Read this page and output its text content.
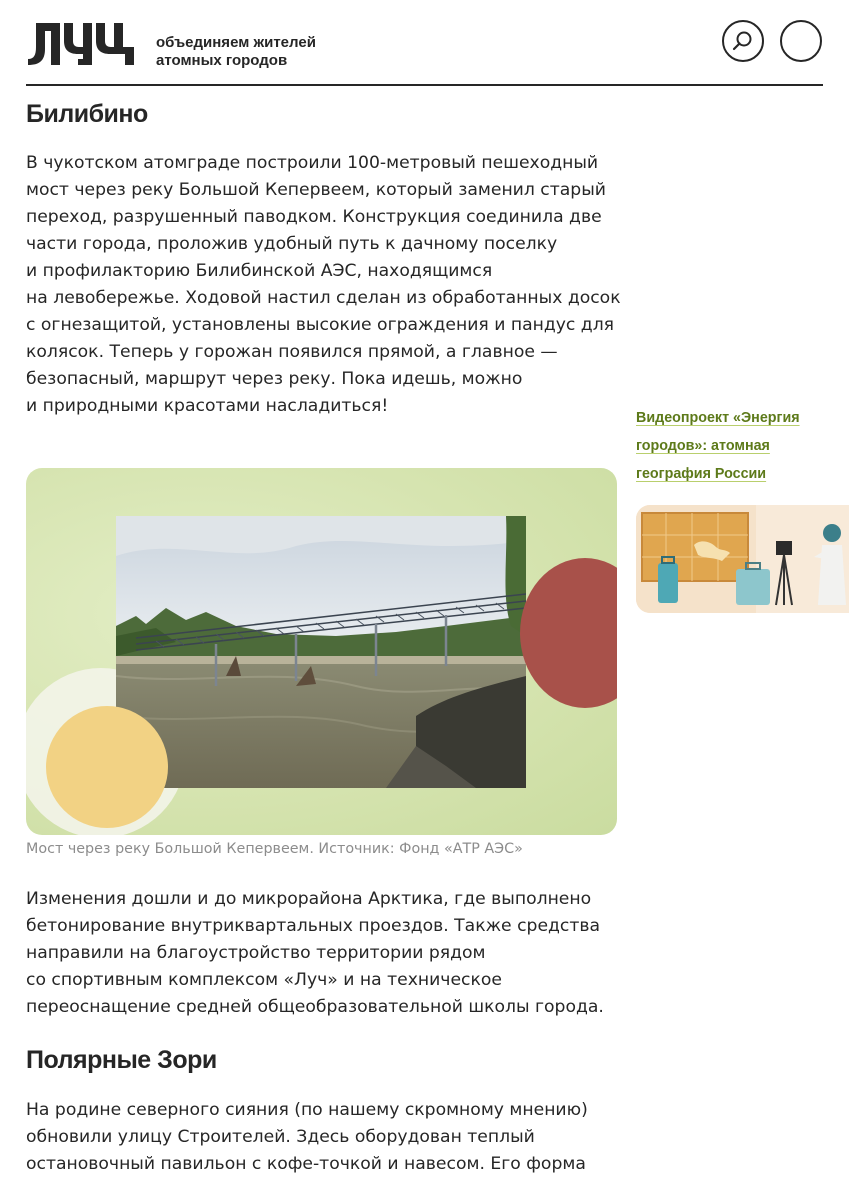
объединяем жителей
атомных городов
Билибино
В чукотском атомграде построили 100-метровый пешеходный
мост через реку Большой Кепервеем, который заменил старый
переход, разрушенный паводком. Конструкция соединила две
части города, проложив удобный путь к дачному поселку
и профилакторию Билибинской АЭС, находящимся
на левобережье. Ходовой настил сделан из обработанных досок
с огнезащитой, установлены высокие ограждения и пандус для
колясок. Теперь у горожан появился прямой, а главное —
безопасный, маршрут через реку. Пока идешь, можно
и природными красотами насладиться!
Мост через реку Большой Кепервеем. Источник: Фонд «АТР АЭС»
Изменения дошли и до микрорайона Арктика, где выполнено
бетонирование внутриквартальных проездов. Также средства
направили на благоустройство территории рядом
со спортивным комплексом «Луч» и на техническое
переоснащение средней общеобразовательной школы города.
Полярные Зори
На родине северного сияния (по нашему скромному мнению)
обновили улицу Строителей. Здесь оборудован теплый
остановочный павильон с кофе-точкой и навесом. Его форма
Видеопроект «Энергия
городов»: атомная
география России
